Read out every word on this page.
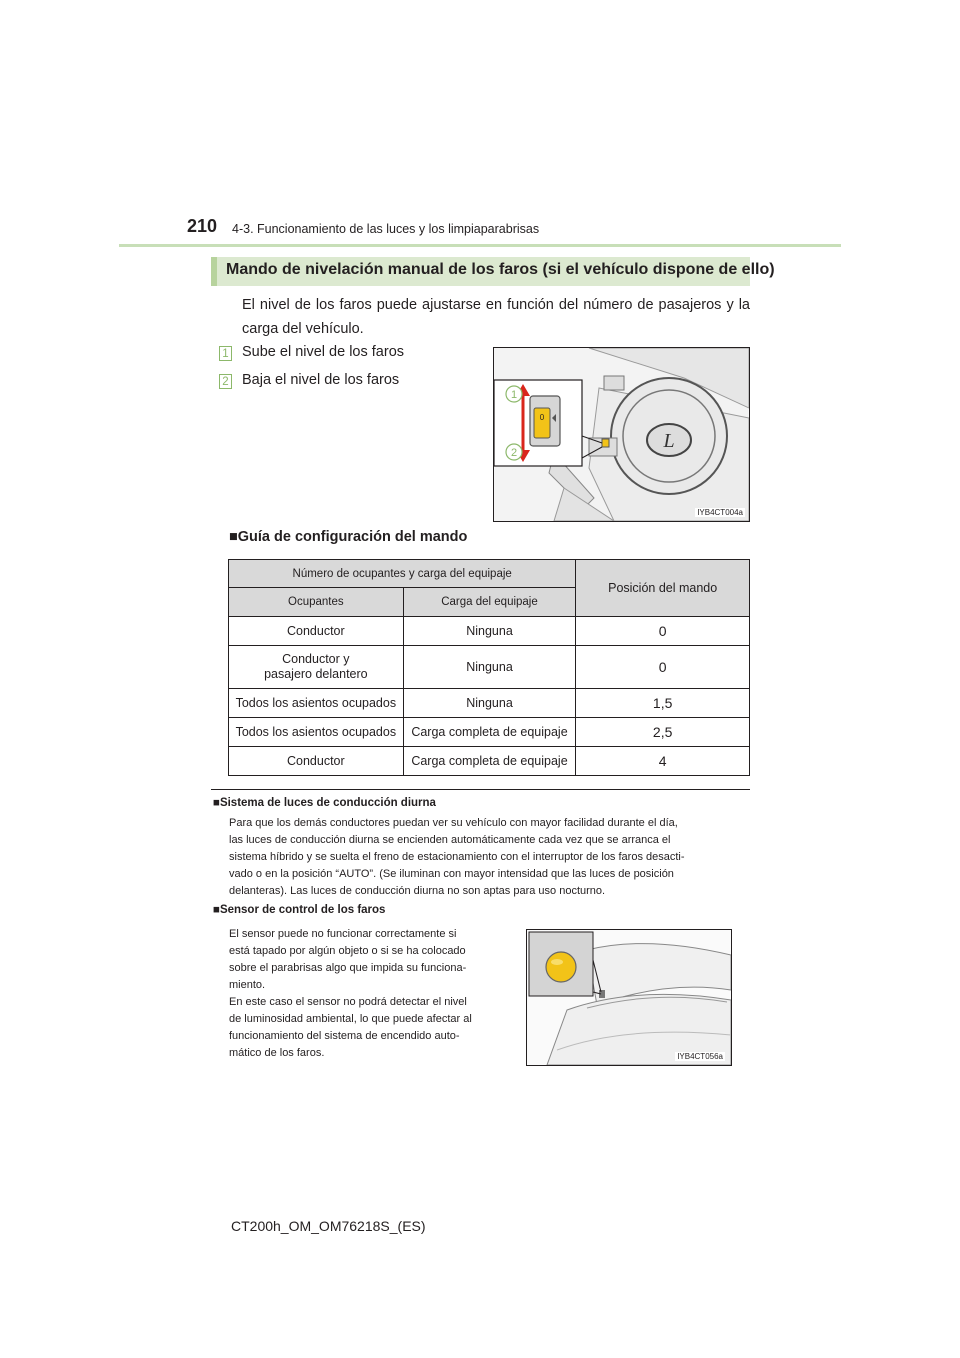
210 4-3. Funcionamiento de las luces y los limpiaparabrisas
Mando de nivelación manual de los faros (si el vehículo dispone de ello)
El nivel de los faros puede ajustarse en función del número de pasajeros y la carga del vehículo.
1 Sube el nivel de los faros
2 Baja el nivel de los faros
L
0
1
2
IYB4CT004a
■Guía de configuración del mando
Número de ocupantes y carga del equipaje		Posición del mando
Ocupantes	Carga del equipaje	
Conductor	Ninguna	0

Conductor y
pasajero delantero	Ninguna	0
Todos los asientos ocupados	Ninguna	1,5
Todos los asientos ocupados	Carga completa de equipaje	2,5
Conductor	Carga completa de equipaje	4
■Sistema de luces de conducción diurna
Para que los demás conductores puedan ver su vehículo con mayor facilidad durante el día,
las luces de conducción diurna se encienden automáticamente cada vez que se arranca el
sistema híbrido y se suelta el freno de estacionamiento con el interruptor de los faros desacti-
vado o en la posición “AUTO”. (Se iluminan con mayor intensidad que las luces de posición
delanteras). Las luces de conducción diurna no son aptas para uso nocturno.
■Sensor de control de los faros
El sensor puede no funcionar correctamente si
está tapado por algún objeto o si se ha colocado
sobre el parabrisas algo que impida su funciona-
miento.
En este caso el sensor no podrá detectar el nivel
de luminosidad ambiental, lo que puede afectar al
funcionamiento del sistema de encendido auto-
mático de los faros.	IYB4CT056a
CT200h_OM_OM76218S_(ES)
